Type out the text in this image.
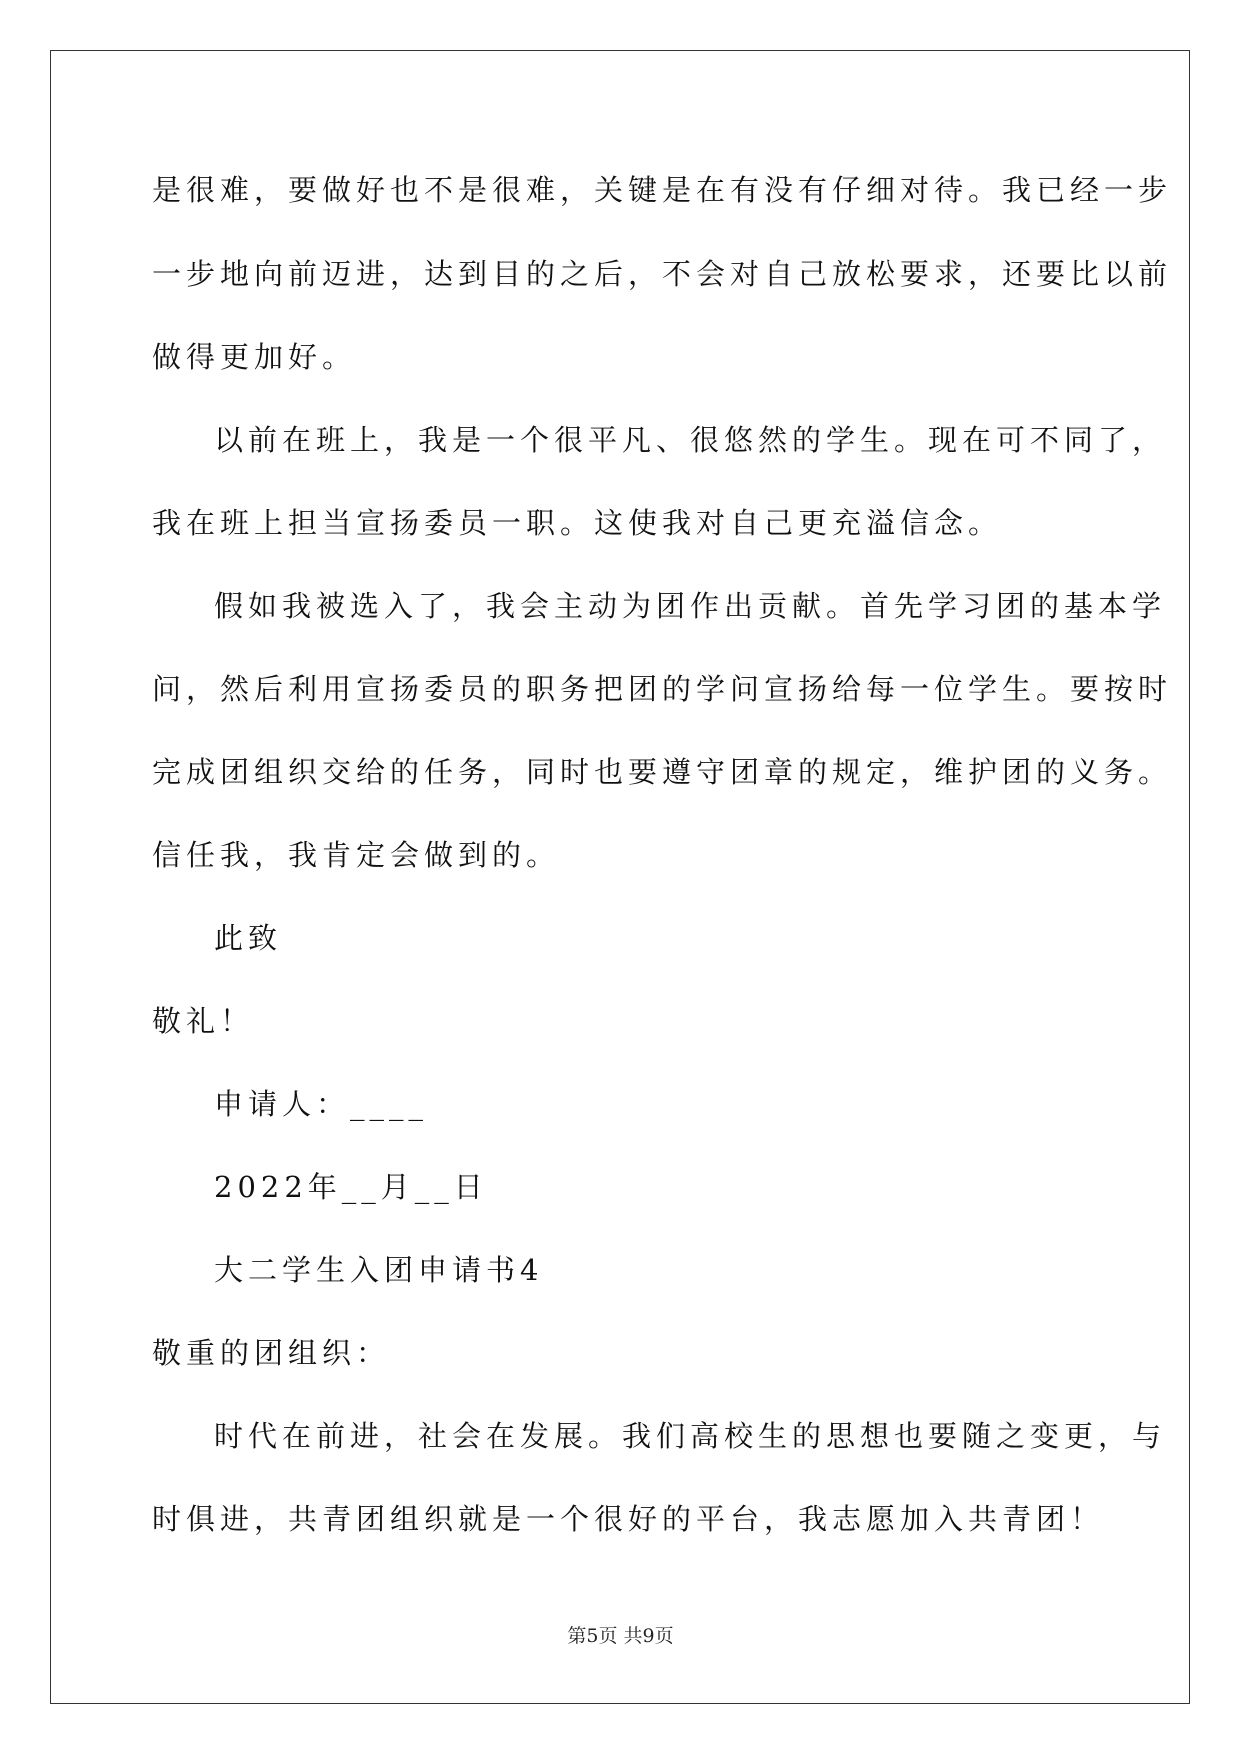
是很难，要做好也不是很难，关键是在有没有仔细对待。我已经一步
一步地向前迈进，达到目的之后，不会对自己放松要求，还要比以前
做得更加好。
以前在班上，我是一个很平凡、很悠然的学生。现在可不同了，
我在班上担当宣扬委员一职。这使我对自己更充溢信念。
假如我被选入了，我会主动为团作出贡献。首先学习团的基本学
问，然后利用宣扬委员的职务把团的学问宣扬给每一位学生。要按时
完成团组织交给的任务，同时也要遵守团章的规定，维护团的义务。
信任我，我肯定会做到的。
此致
敬礼！
申请人：____
2022年__月__日
大二学生入团申请书4
敬重的团组织：
时代在前进，社会在发展。我们高校生的思想也要随之变更，与
时俱进，共青团组织就是一个很好的平台，我志愿加入共青团！
第5页 共9页
